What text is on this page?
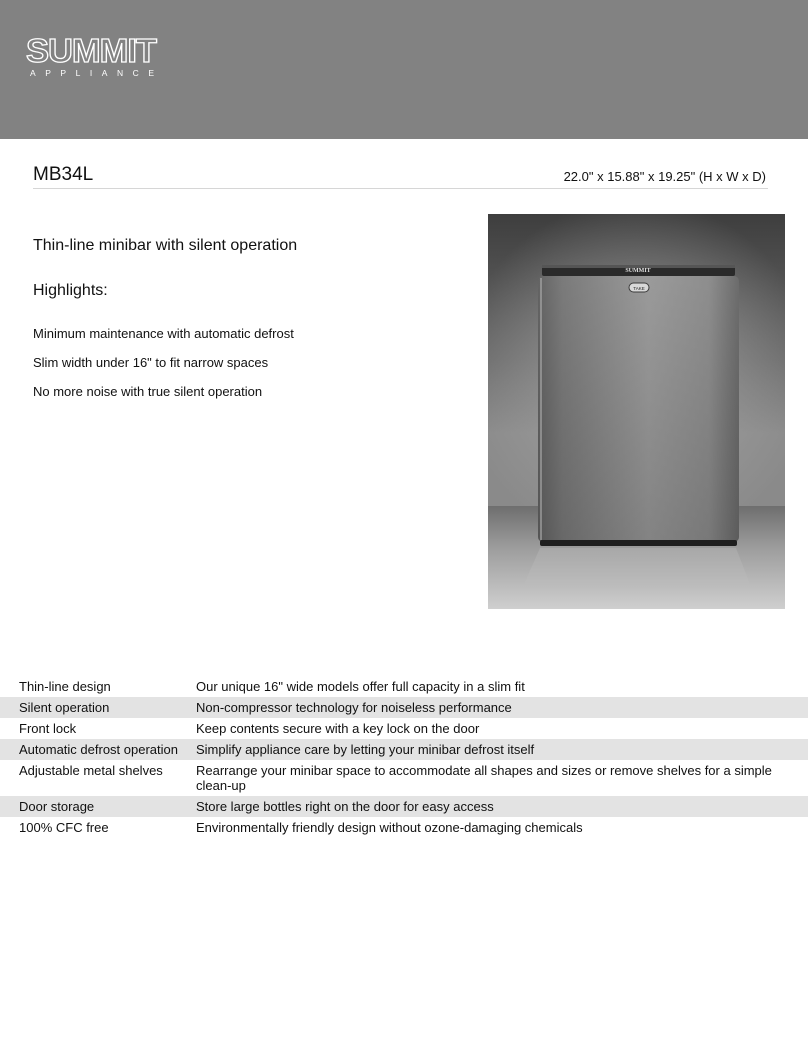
SUMMIT
APPLIANCE
MB34L	22.0" x 15.88" x 19.25" (H x W x D)
Thin-line minibar with silent operation
Highlights:
Minimum maintenance with automatic defrost
Slim width under 16" to fit narrow spaces
No more noise with true silent operation
SUMMIT
TAKE
Thin-line design	Our unique 16" wide models offer full capacity in a slim fit
Silent operation	Non-compressor technology for noiseless performance
Front lock	Keep contents secure with a key lock on the door
Automatic defrost operation	Simplify appliance care by letting your minibar defrost itself
Adjustable metal shelves	Rearrange your minibar space to accommodate all shapes and sizes or remove shelves for a simple clean-up
Door storage	Store large bottles right on the door for easy access
100% CFC free	Environmentally friendly design without ozone-damaging chemicals
